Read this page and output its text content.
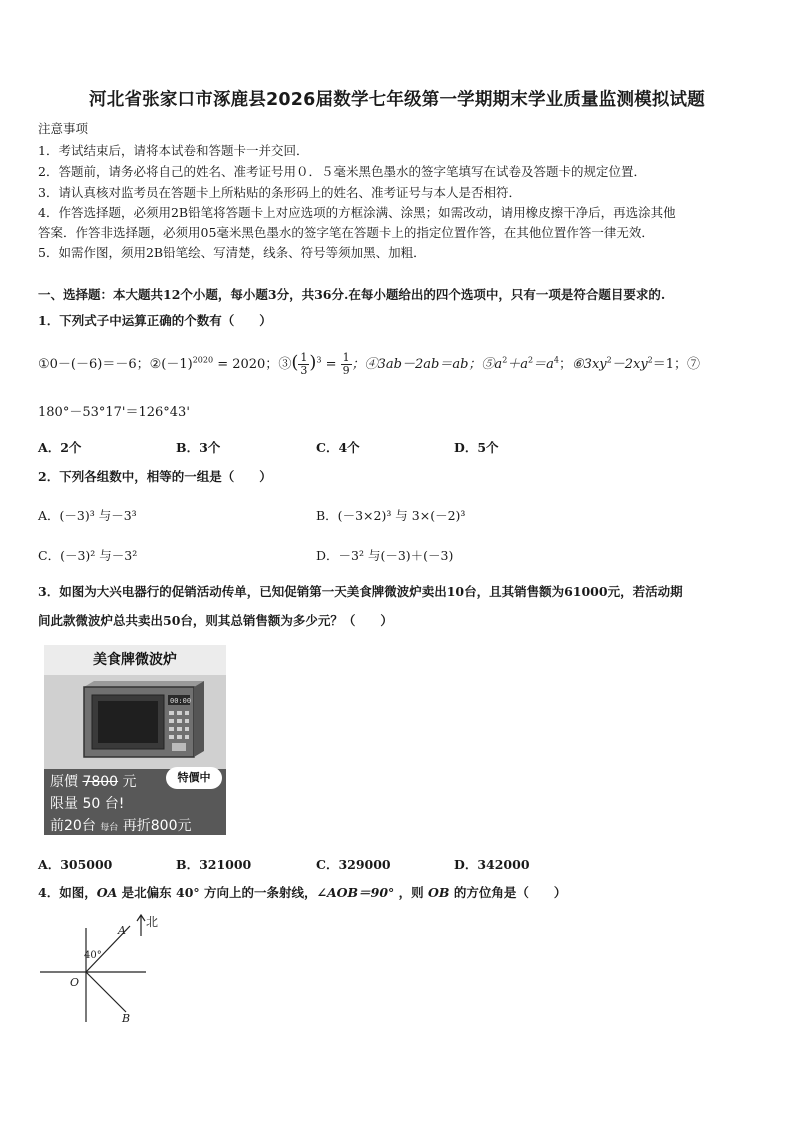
河北省张家口市涿鹿县2026届数学七年级第一学期期末学业质量监测模拟试题
注意事项
1．考试结束后，请将本试卷和答题卡一并交回．
2．答题前，请务必将自己的姓名、准考证号用０．５毫米黑色墨水的签字笔填写在试卷及答题卡的规定位置．
3．请认真核对监考员在答题卡上所粘贴的条形码上的姓名、准考证号与本人是否相符．
4．作答选择题，必须用2B铅笔将答题卡上对应选项的方框涂满、涂黑；如需改动，请用橡皮擦干净后，再选涂其他
答案．作答非选择题，必须用05毫米黑色墨水的签字笔在答题卡上的指定位置作答，在其他位置作答一律无效．
5．如需作图，须用2B铅笔绘、写清楚，线条、符号等须加黑、加粗．
一、选择题：本大题共12个小题，每小题3分，共36分.在每小题给出的四个选项中，只有一项是符合题目要求的.
1．下列式子中运算正确的个数有（　　）
①0－(－6)＝－6；$②(-1)^{2020} = 2020$；③( $\frac{1}{3} )^3 = \frac{1}{9}$ ；④3ab－2ab＝ab；$⑤a^2+a^2=a^4$；$⑥3xy^2-2xy^2=1$；⑦
180°－53°17'＝126°43'
A．2个	B．3个	C．4个	D．5个
2．下列各组数中，相等的一组是（　　）
A．(－3)³ 与－3³	B．(－3×2)³ 与 3×(－2)³
C．(－3)² 与－3²	D．－3² 与(－3)＋(－3)
3．如图为大兴电器行的促销活动传单，已知促销第一天美食牌微波炉卖出10台，且其销售额为61000元，若活动期
间此款微波炉总共卖出50台，则其总销售额为多少元？（　　）
美食牌微波炉
00:00
原價 7800 元	特價中
限量 50 台!
前20台 每台 再折800元
A．305000	B．321000	C．329000	D．342000
4．如图，OA 是北偏东 40° 方向上的一条射线，∠AOB＝90° ，则 OB 的方位角是（　　）
北
A
40°
O
B
